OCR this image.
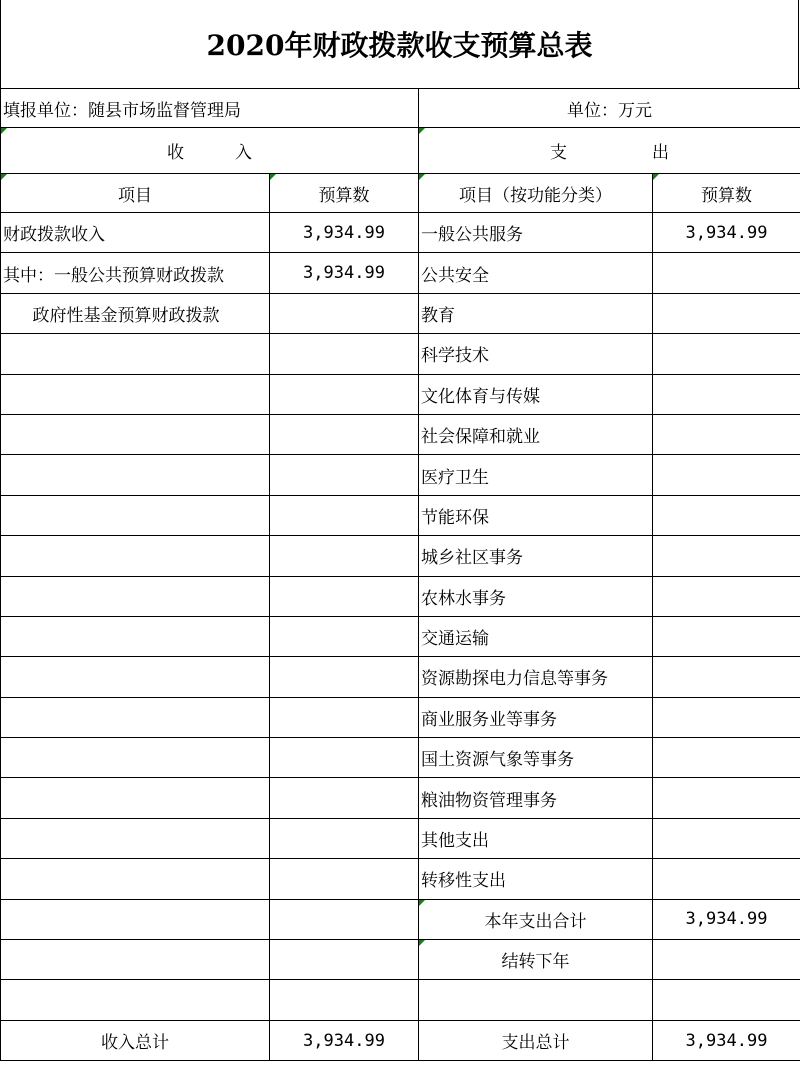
2020年财政拨款收支预算总表
填报单位：随县市场监督管理局		单位：万元	
收　　　入		支　　　　　出	
项目	预算数	项目（按功能分类）	预算数
财政拨款收入	3,934.99	一般公共服务	3,934.99
其中：一般公共预算财政拨款	3,934.99	公共安全	
政府性基金预算财政拨款		教育	
		科学技术	
		文化体育与传媒	
		社会保障和就业	
		医疗卫生	
		节能环保	
		城乡社区事务	
		农林水事务	
		交通运输	
		资源勘探电力信息等事务	
		商业服务业等事务	
		国土资源气象等事务	
		粮油物资管理事务	
		其他支出	
		转移性支出	
		本年支出合计	3,934.99
		结转下年	

收入总计	3,934.99	支出总计	3,934.99
